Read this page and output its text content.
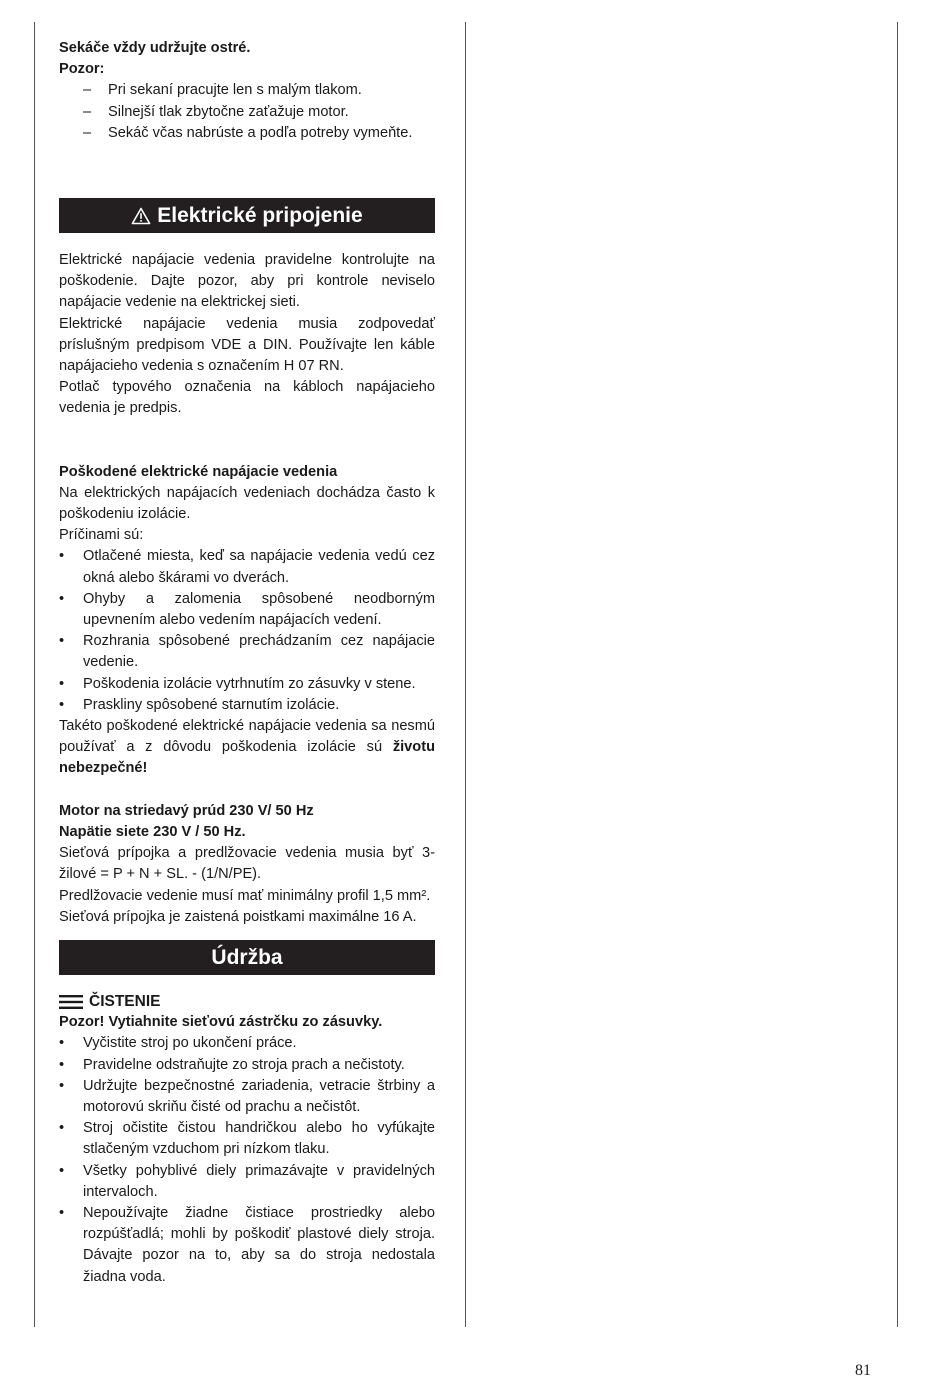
Sekáče vždy udržujte ostré.

Pozor:

– Pri sekaní pracujte len s malým tlakom.
– Silnejší tlak zbytočne zaťažuje motor.
– Sekáč včas nabrúste a podľa potreby vymeňte.
Elektrické pripojenie

Elektrické napájacie vedenia pravidelne kontrolujte na poškodenie. Dajte pozor, aby pri kontrole neviselo napájacie vedenie na elektrickej sieti.

Elektrické napájacie vedenia musia zodpovedať príslušným predpisom VDE a DIN. Používajte len káble napájacieho vedenia s označením H 07 RN.

Potlač typového označenia na kábloch napájacieho vedenia je predpis.

Poškodené elektrické napájacie vedenia

Na elektrických napájacích vedeniach dochádza často k poškodeniu izolácie.

Príčinami sú:

• Otlačené miesta, keď sa napájacie vedenia vedú cez okná alebo škárami vo dverách.
• Ohyby a zalomenia spôsobené neodborným upevnením alebo vedením napájacích vedení.
• Rozhrania spôsobené prechádzaním cez napájacie vedenie.
• Poškodenia izolácie vytrhnutím zo zásuvky v stene.
• Praskliny spôsobené starnutím izolácie.

Takéto poškodené elektrické napájacie vedenia sa nesmú používať a z dôvodu poškodenia izolácie sú životu nebezpečné!

Motor na striedavý prúd 230 V/ 50 Hz

Napätie siete 230 V / 50 Hz.

Sieťová prípojka a predlžovacie vedenia musia byť 3-žilové = P + N + SL. - (1/N/PE).

Predlžovacie vedenie musí mať minimálny profil 1,5 mm².

Sieťová prípojka je zaistená poistkami maximálne 16 A.

Údržba
ČISTENIE

Pozor! Vytiahnite sieťovú zástrčku zo zásuvky.

• Vyčistite stroj po ukončení práce.
• Pravidelne odstraňujte zo stroja prach a nečistoty.
• Udržujte bezpečnostné zariadenia, vetracie štrbiny a motorovú skriňu čisté od prachu a nečistôt.
• Stroj očistite čistou handričkou alebo ho vyfúkajte stlačeným vzduchom pri nízkom tlaku.
• Všetky pohyblivé diely primazávajte v pravidelných intervaloch.
• Nepoužívajte žiadne čistiace prostriedky alebo rozpúšťadlá; mohli by poškodiť plastové diely stroja. Dávajte pozor na to, aby sa do stroja nedostala žiadna voda.
81
